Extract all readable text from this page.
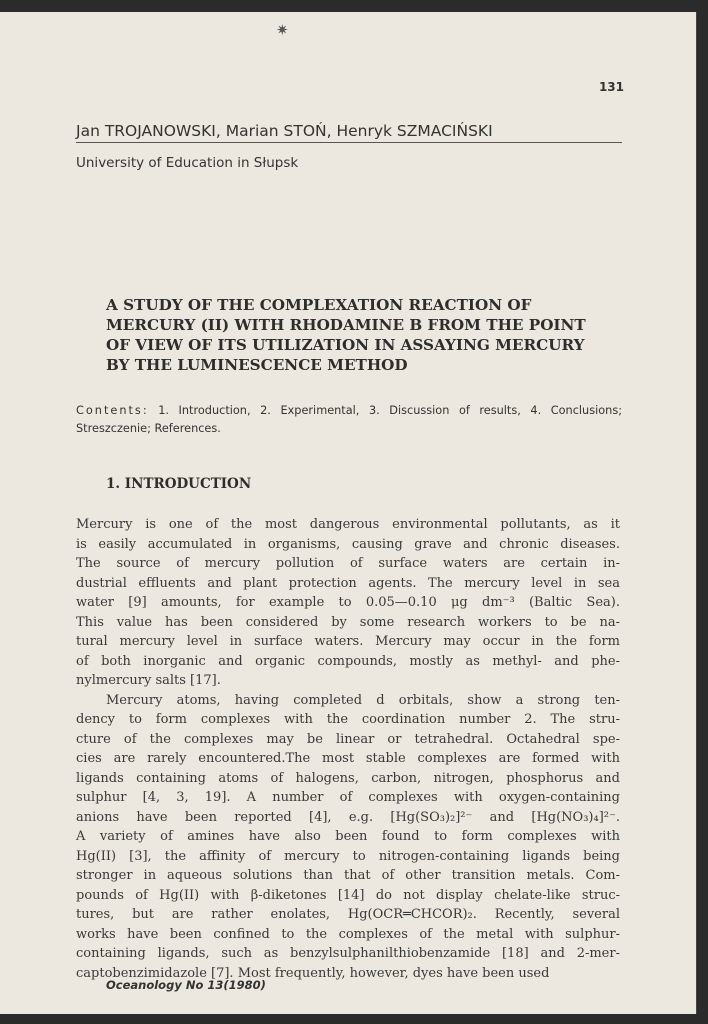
✷
131
Jan TROJANOWSKI, Marian STOŃ, Henryk SZMACIŃSKI
University of Education in Słupsk
A STUDY OF THE COMPLEXATION REACTION OF
MERCURY (II) WITH RHODAMINE B FROM THE POINT
OF VIEW OF ITS UTILIZATION IN ASSAYING MERCURY
BY THE LUMINESCENCE METHOD

Contents: 1. Introduction, 2. Experimental, 3. Discussion of results, 4. Conclusions; Streszczenie; References.

1. INTRODUCTION

Mercury is one of the most dangerous environmental pollutants, as it
is easily accumulated in organisms, causing grave and chronic diseases.
The source of mercury pollution of surface waters are certain in-
dustrial effluents and plant protection agents. The mercury level in sea
water [9] amounts, for example to 0.05—0.10 μg dm⁻³ (Baltic Sea).
This value has been considered by some research workers to be na-
tural mercury level in surface waters. Mercury may occur in the form
of both inorganic and organic compounds, mostly as methyl- and phe-
nylmercury salts [17].

Mercury atoms, having completed d orbitals, show a strong ten-
dency to form complexes with the coordination number 2. The stru-
cture of the complexes may be linear or tetrahedral. Octahedral spe-
cies are rarely encountered.The most stable complexes are formed with
ligands containing atoms of halogens, carbon, nitrogen, phosphorus and
sulphur [4, 3, 19]. A number of complexes with oxygen-containing
anions have been reported [4], e.g. [Hg(SO₃)₂]²⁻ and [Hg(NO₃)₄]²⁻.
A variety of amines have also been found to form complexes with
Hg(II) [3], the affinity of mercury to nitrogen-containing ligands being
stronger in aqueous solutions than that of other transition metals. Com-
pounds of Hg(II) with β-diketones [14] do not display chelate-like struc-
tures, but are rather enolates, Hg(OCR═CHCOR)₂. Recently, several
works have been confined to the complexes of the metal with sulphur-
containing ligands, such as benzylsulphanilthiobenzamide [18] and 2-mer-
captobenzimidazole [7]. Most frequently, however, dyes have been used

Oceanology No 13(1980)
